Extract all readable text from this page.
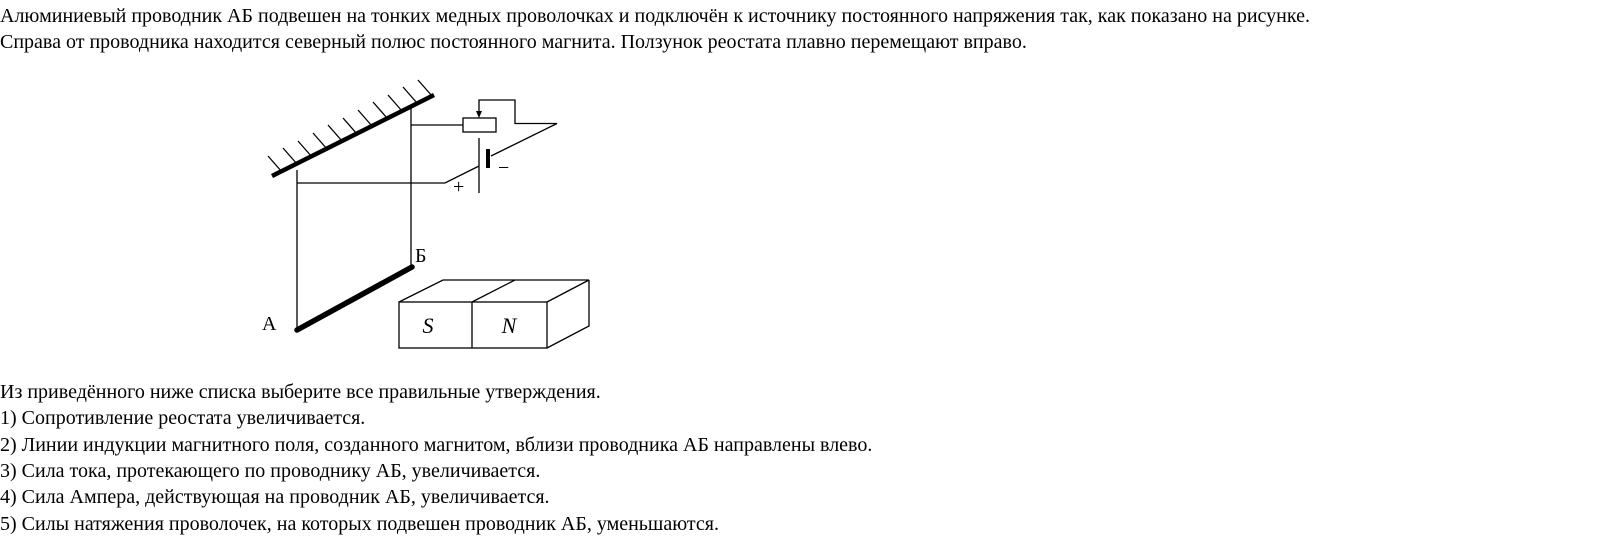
Алюминиевый проводник АБ подвешен на тонких медных проволочках и подключён к источнику постоянного напряжения так, как показано на рисунке.
Справа от проводника находится северный полюс постоянного магнита. Ползунок реостата плавно перемещают вправо.
А
Б
+
−
S	N
Из приведённого ниже списка выберите все правильные утверждения.
1) Сопротивление реостата увеличивается.
2) Линии индукции магнитного поля, созданного магнитом, вблизи проводника АБ направлены влево.
3) Сила тока, протекающего по проводнику АБ, увеличивается.
4) Сила Ампера, действующая на проводник АБ, увеличивается.
5) Силы натяжения проволочек, на которых подвешен проводник АБ, уменьшаются.
